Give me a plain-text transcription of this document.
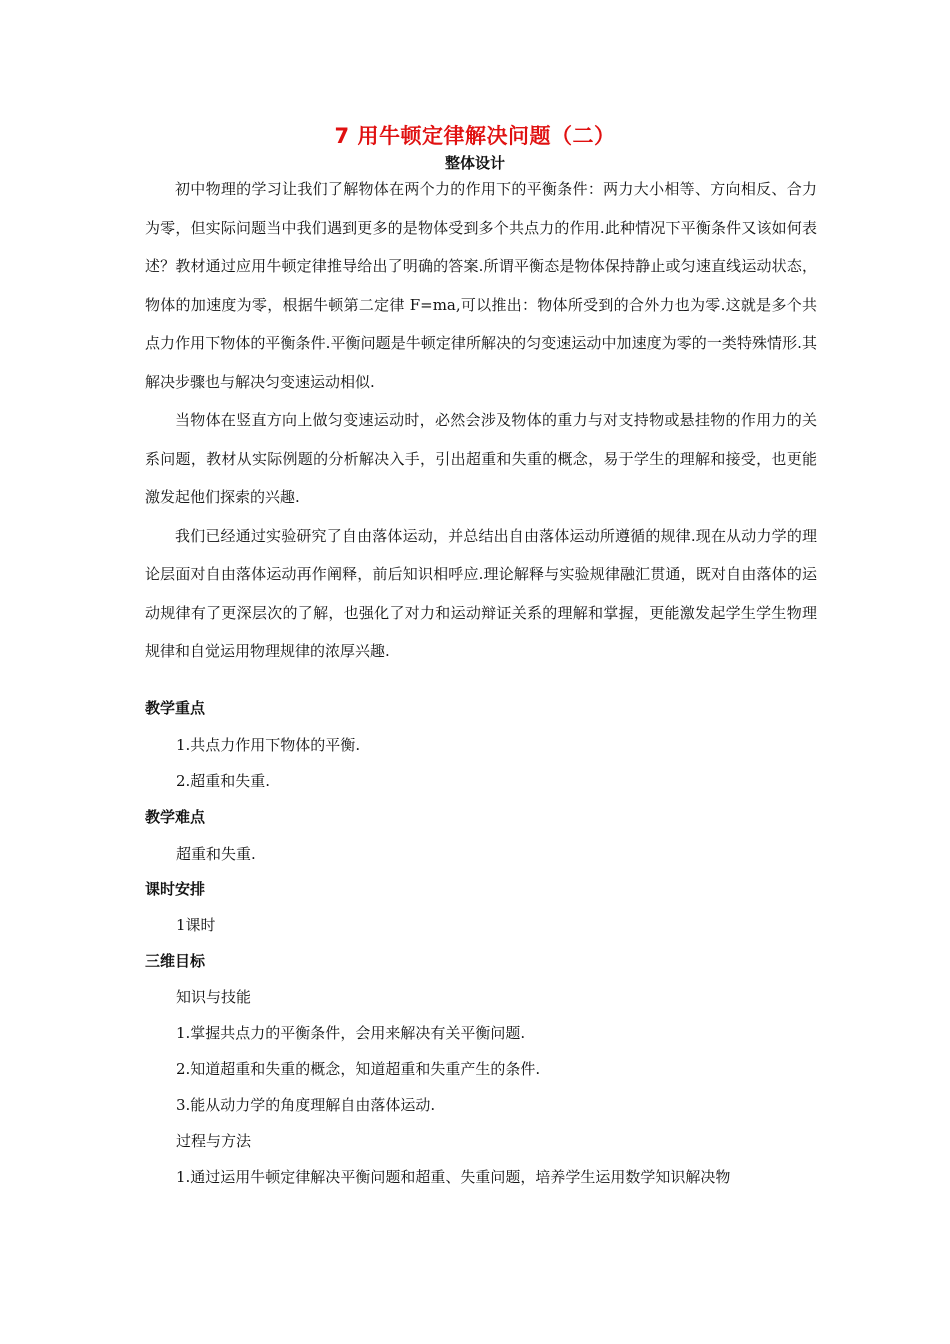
7 用牛顿定律解决问题（二）
整体设计

初中物理的学习让我们了解物体在两个力的作用下的平衡条件：两力大小相等、方向相反、合力为零，但实际问题当中我们遇到更多的是物体受到多个共点力的作用.此种情况下平衡条件又该如何表述？教材通过应用牛顿定律推导给出了明确的答案.所谓平衡态是物体保持静止或匀速直线运动状态，物体的加速度为零，根据牛顿第二定律 F=ma,可以推出：物体所受到的合外力也为零.这就是多个共点力作用下物体的平衡条件.平衡问题是牛顿定律所解决的匀变速运动中加速度为零的一类特殊情形.其解决步骤也与解决匀变速运动相似.

当物体在竖直方向上做匀变速运动时，必然会涉及物体的重力与对支持物或悬挂物的作用力的关系问题，教材从实际例题的分析解决入手，引出超重和失重的概念，易于学生的理解和接受，也更能激发起他们探索的兴趣.

我们已经通过实验研究了自由落体运动，并总结出自由落体运动所遵循的规律.现在从动力学的理论层面对自由落体运动再作阐释，前后知识相呼应.理论解释与实验规律融汇贯通，既对自由落体的运动规律有了更深层次的了解，也强化了对力和运动辩证关系的理解和掌握，更能激发起学生学生物理规律和自觉运用物理规律的浓厚兴趣.

教学重点
1.共点力作用下物体的平衡.
2.超重和失重.
教学难点
超重和失重.
课时安排
1课时
三维目标
知识与技能
1.掌握共点力的平衡条件，会用来解决有关平衡问题.
2.知道超重和失重的概念，知道超重和失重产生的条件.
3.能从动力学的角度理解自由落体运动.
过程与方法
1.通过运用牛顿定律解决平衡问题和超重、失重问题，培养学生运用数学知识解决物
